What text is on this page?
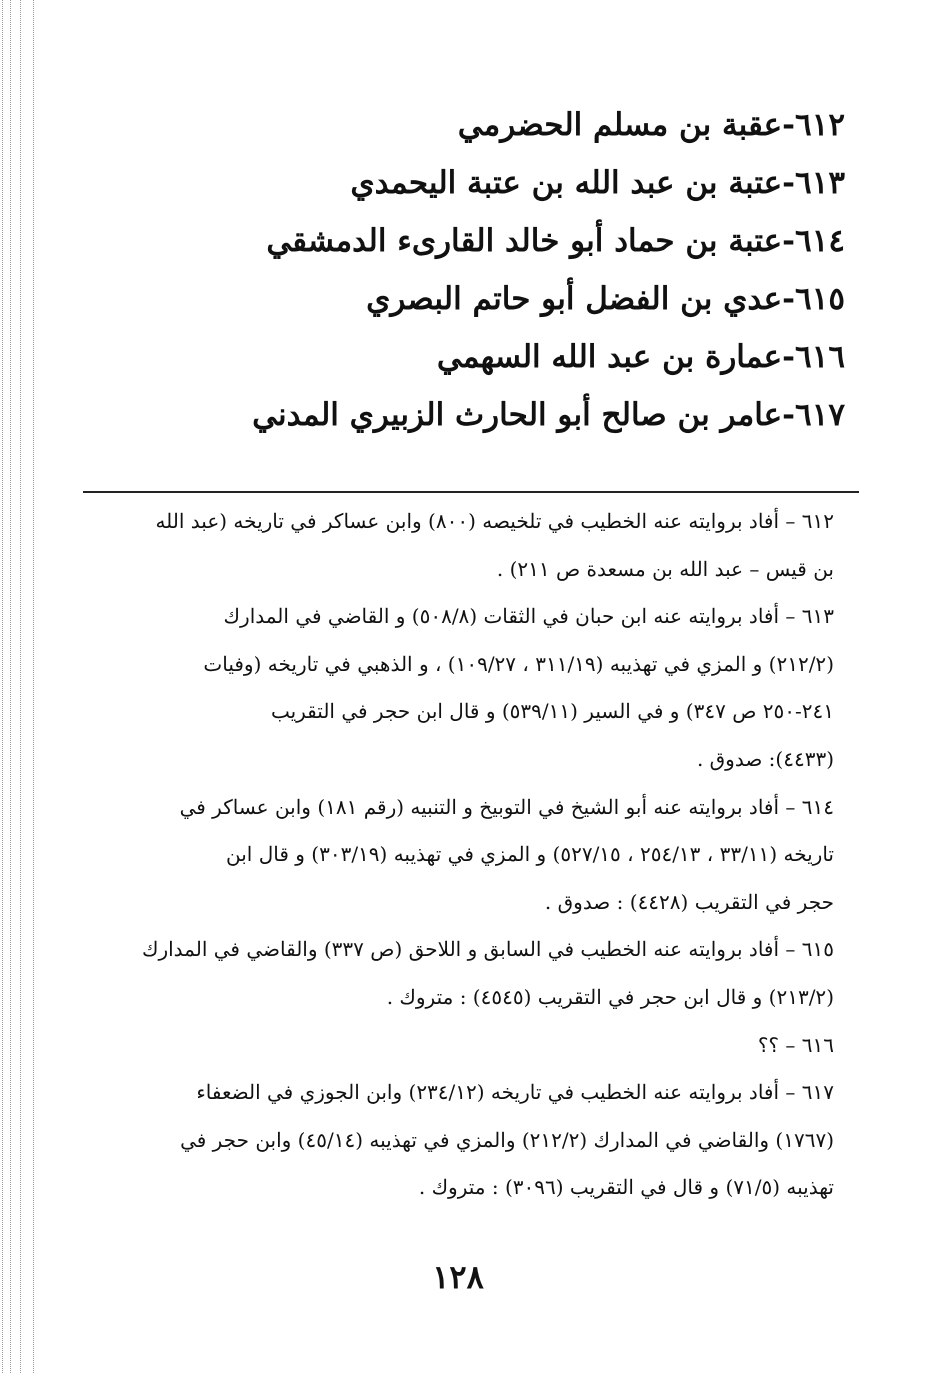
٦١٢-عقبة بن مسلم الحضرمي
٦١٣-عتبة بن عبد الله بن عتبة اليحمدي
٦١٤-عتبة بن حماد أبو خالد القارىء الدمشقي
٦١٥-عدي بن الفضل أبو حاتم البصري
٦١٦-عمارة بن عبد الله السهمي
٦١٧-عامر بن صالح أبو الحارث الزبيري المدني
٦١٢ – أفاد بروايته عنه الخطيب في تلخيصه (٨٠٠) وابن عساكر في تاريخه (عبد الله
بن قيس – عبد الله بن مسعدة ص ٢١١) .
٦١٣ – أفاد بروايته عنه ابن حبان في الثقات (٥٠٨/٨) و القاضي في المدارك
(٢١٢/٢) و المزي في تهذيبه (٣١١/١٩ ، ١٠٩/٢٧) ، و الذهبي في تاريخه (وفيات
٢٤١-٢٥٠ ص ٣٤٧) و في السير (٥٣٩/١١) و قال ابن حجر في التقريب
(٤٤٣٣): صدوق .
٦١٤ – أفاد بروايته عنه أبو الشيخ في التوبيخ و التنبيه (رقم ١٨١) وابن عساكر في
تاريخه (٣٣/١١ ، ٢٥٤/١٣ ، ٥٢٧/١٥) و المزي في تهذيبه (٣٠٣/١٩) و قال ابن
حجر في التقريب (٤٤٢٨) : صدوق .
٦١٥ – أفاد بروايته عنه الخطيب في السابق و اللاحق (ص ٣٣٧) والقاضي في المدارك
(٢١٣/٢) و قال ابن حجر في التقريب (٤٥٤٥) : متروك .
٦١٦ – ؟؟
٦١٧ – أفاد بروايته عنه الخطيب في تاريخه (٢٣٤/١٢) وابن الجوزي في الضعفاء
(١٧٦٧) والقاضي في المدارك (٢١٢/٢) والمزي في تهذيبه (٤٥/١٤) وابن حجر في
تهذيبه (٧١/٥) و قال في التقريب (٣٠٩٦) : متروك .
١٢٨
